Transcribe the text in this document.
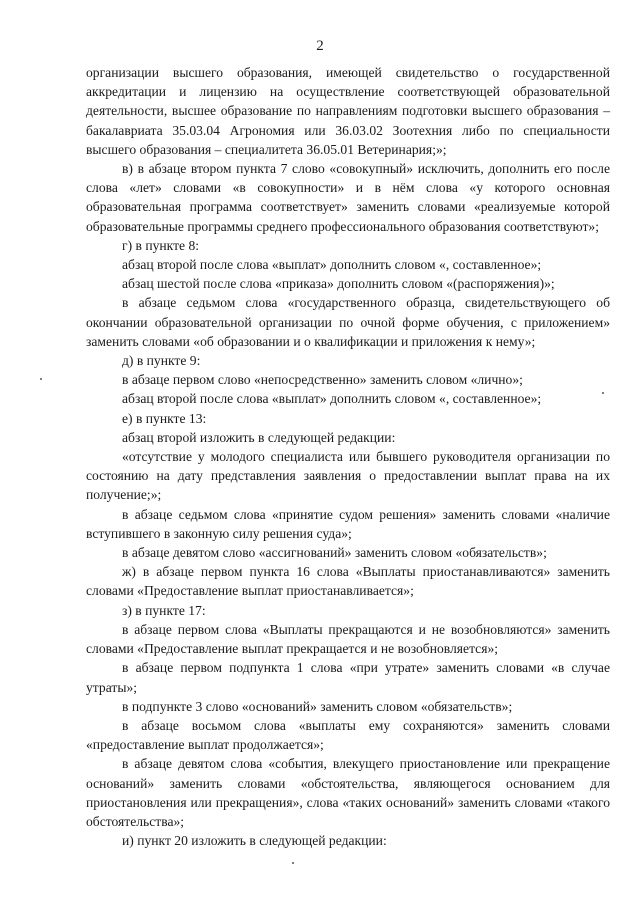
2

организации высшего образования, имеющей свидетельство о государственной аккредитации и лицензию на осуществление соответствующей образовательной деятельности, высшее образование по направлениям подготовки высшего образования – бакалавриата 35.03.04 Агрономия или 36.03.02 Зоотехния либо по специальности высшего образования – специалитета 36.05.01 Ветеринария;»;

в) в абзаце втором пункта 7 слово «совокупный» исключить, дополнить его после слова «лет» словами «в совокупности» и в нём слова «у которого основная образовательная программа соответствует» заменить словами «реализуемые которой образовательные программы среднего профессионального образования соответствуют»;

г) в пункте 8:

абзац второй после слова «выплат» дополнить словом «, составленное»;

абзац шестой после слова «приказа» дополнить словом «(распоряжения)»;

в абзаце седьмом слова «государственного образца, свидетельствующего об окончании образовательной организации по очной форме обучения, с приложением» заменить словами «об образовании и о квалификации и приложения к нему»;

д) в пункте 9:

в абзаце первом слово «непосредственно» заменить словом «лично»;

абзац второй после слова «выплат» дополнить словом «, составленное»;

е) в пункте 13:

абзац второй изложить в следующей редакции:

«отсутствие у молодого специалиста или бывшего руководителя организации по состоянию на дату представления заявления о предоставлении выплат права на их получение;»;

в абзаце седьмом слова «принятие судом решения» заменить словами «наличие вступившего в законную силу решения суда»;

в абзаце девятом слово «ассигнований» заменить словом «обязательств»;

ж) в абзаце первом пункта 16 слова «Выплаты приостанавливаются» заменить словами «Предоставление выплат приостанавливается»;

з) в пункте 17:

в абзаце первом слова «Выплаты прекращаются и не возобновляются» заменить словами «Предоставление выплат прекращается и не возобновляется»;

в абзаце первом подпункта 1 слова «при утрате» заменить словами «в случае утраты»;

в подпункте 3 слово «оснований» заменить словом «обязательств»;

в абзаце восьмом слова «выплаты ему сохраняются» заменить словами «предоставление выплат продолжается»;

в абзаце девятом слова «события, влекущего приостановление или прекращение оснований» заменить словами «обстоятельства, являющегося основанием для приостановления или прекращения», слова «таких оснований» заменить словами «такого обстоятельства»;

и) пункт 20 изложить в следующей редакции:
